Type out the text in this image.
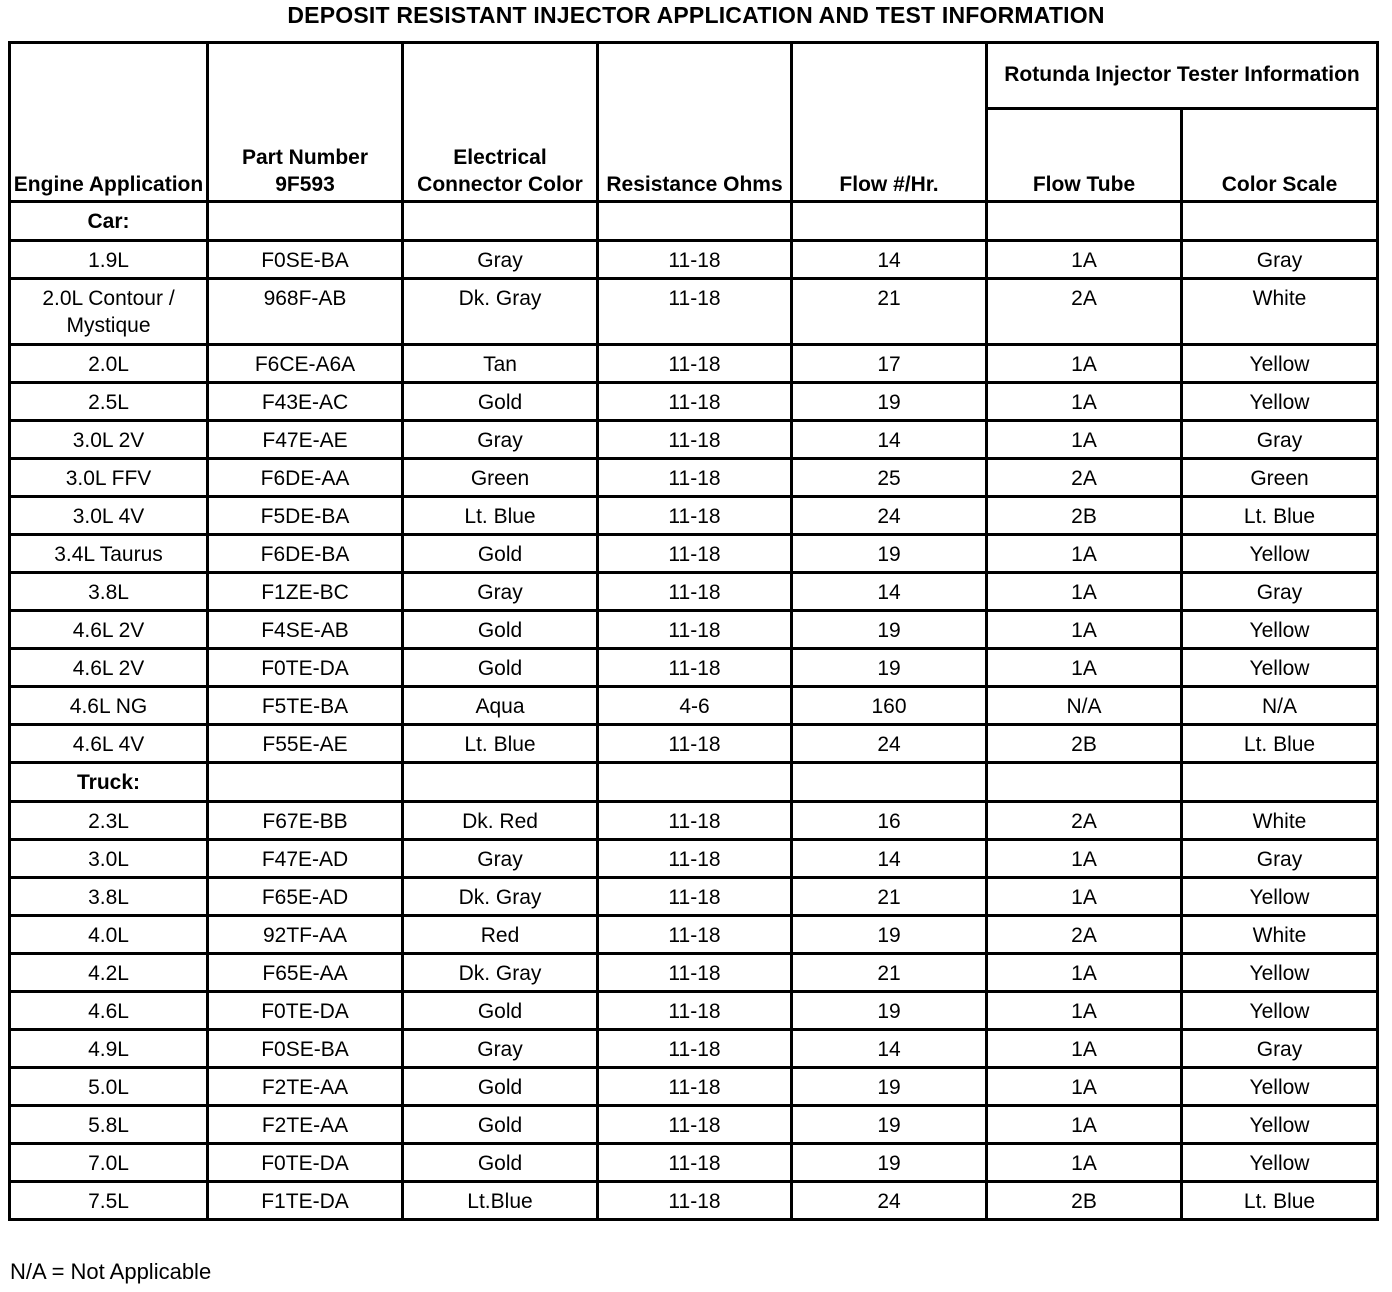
DEPOSIT RESISTANT INJECTOR APPLICATION AND TEST INFORMATION
Engine Application	Part Number 9F593	Electrical Connector Color	Resistance Ohms	Flow #/Hr.	Rotunda Injector Tester Information	
					Flow Tube	Color Scale
Car:						
1.9L	F0SE-BA	Gray	11-18	14	1A	Gray
2.0L Contour / Mystique	968F-AB	Dk. Gray	11-18	21	2A	White
2.0L	F6CE-A6A	Tan	11-18	17	1A	Yellow
2.5L	F43E-AC	Gold	11-18	19	1A	Yellow
3.0L 2V	F47E-AE	Gray	11-18	14	1A	Gray
3.0L FFV	F6DE-AA	Green	11-18	25	2A	Green
3.0L 4V	F5DE-BA	Lt. Blue	11-18	24	2B	Lt. Blue
3.4L Taurus	F6DE-BA	Gold	11-18	19	1A	Yellow
3.8L	F1ZE-BC	Gray	11-18	14	1A	Gray
4.6L 2V	F4SE-AB	Gold	11-18	19	1A	Yellow
4.6L 2V	F0TE-DA	Gold	11-18	19	1A	Yellow
4.6L NG	F5TE-BA	Aqua	4-6	160	N/A	N/A
4.6L 4V	F55E-AE	Lt. Blue	11-18	24	2B	Lt. Blue
Truck:						
2.3L	F67E-BB	Dk. Red	11-18	16	2A	White
3.0L	F47E-AD	Gray	11-18	14	1A	Gray
3.8L	F65E-AD	Dk. Gray	11-18	21	1A	Yellow
4.0L	92TF-AA	Red	11-18	19	2A	White
4.2L	F65E-AA	Dk. Gray	11-18	21	1A	Yellow
4.6L	F0TE-DA	Gold	11-18	19	1A	Yellow
4.9L	F0SE-BA	Gray	11-18	14	1A	Gray
5.0L	F2TE-AA	Gold	11-18	19	1A	Yellow
5.8L	F2TE-AA	Gold	11-18	19	1A	Yellow
7.0L	F0TE-DA	Gold	11-18	19	1A	Yellow
7.5L	F1TE-DA	Lt.Blue	11-18	24	2B	Lt. Blue
N/A = Not Applicable
